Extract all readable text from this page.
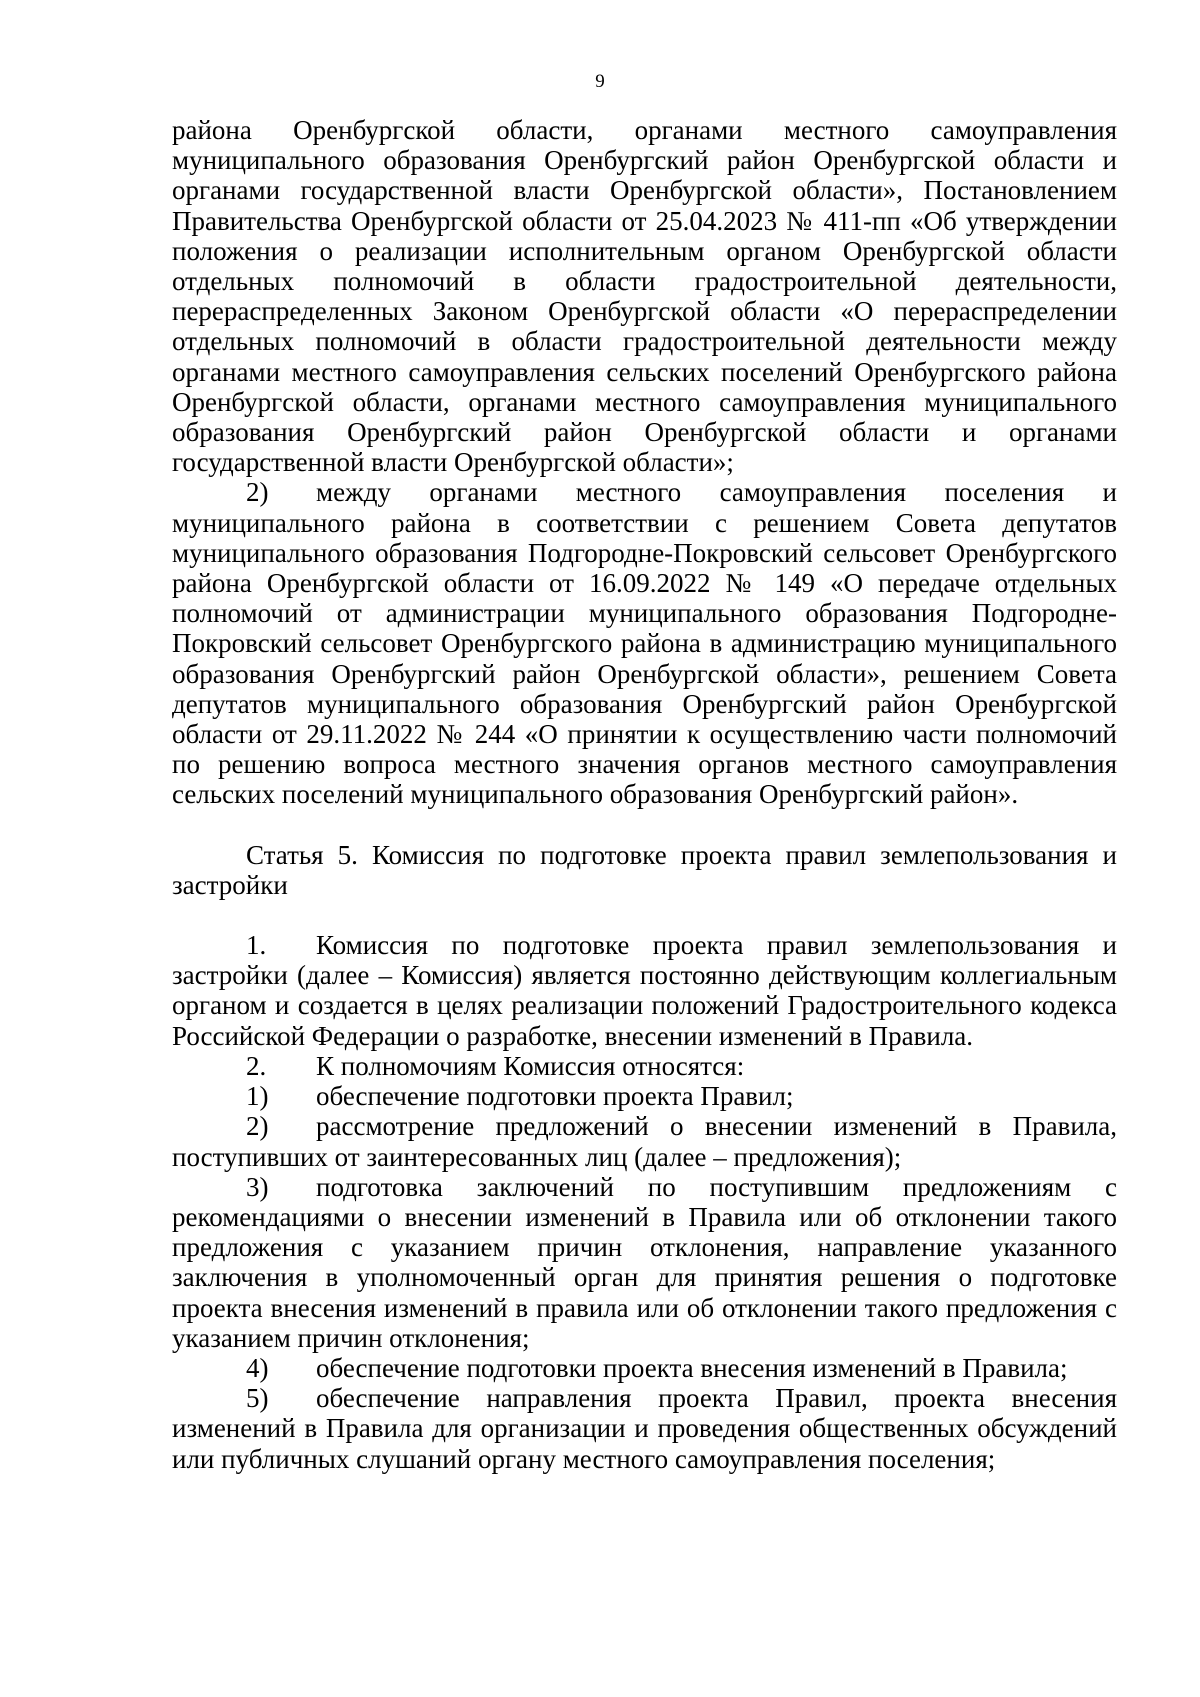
9

района Оренбургской области, органами местного самоуправления муниципального образования Оренбургский район Оренбургской области и органами государственной власти Оренбургской области», Постановлением Правительства Оренбургской области от 25.04.2023 № 411-пп «Об утверждении положения о реализации исполнительным органом Оренбургской области отдельных полномочий в области градостроительной деятельности, перераспределенных Законом Оренбургской области «О перераспределении отдельных полномочий в области градостроительной деятельности между органами местного самоуправления сельских поселений Оренбургского района Оренбургской области, органами местного самоуправления муниципального образования Оренбургский район Оренбургской области и органами государственной власти Оренбургской области»;

2) между органами местного самоуправления поселения и муниципального района в соответствии с решением Совета депутатов муниципального образования Подгородне-Покровский сельсовет Оренбургского района Оренбургской области от 16.09.2022 № 149 «О передаче отдельных полномочий от администрации муниципального образования Подгородне-Покровский сельсовет Оренбургского района в администрацию муниципального образования Оренбургский район Оренбургской области», решением Совета депутатов муниципального образования Оренбургский район Оренбургской области от 29.11.2022 № 244 «О принятии к осуществлению части полномочий по решению вопроса местного значения органов местного самоуправления сельских поселений муниципального образования Оренбургский район».

Статья 5. Комиссия по подготовке проекта правил землепользования и застройки

1. Комиссия по подготовке проекта правил землепользования и застройки (далее – Комиссия) является постоянно действующим коллегиальным органом и создается в целях реализации положений Градостроительного кодекса Российской Федерации о разработке, внесении изменений в Правила.

2. К полномочиям Комиссия относятся:

1) обеспечение подготовки проекта Правил;

2) рассмотрение предложений о внесении изменений в Правила, поступивших от заинтересованных лиц (далее – предложения);

3) подготовка заключений по поступившим предложениям с рекомендациями о внесении изменений в Правила или об отклонении такого предложения с указанием причин отклонения, направление указанного заключения в уполномоченный орган для принятия решения о подготовке проекта внесения изменений в правила или об отклонении такого предложения с указанием причин отклонения;

4) обеспечение подготовки проекта внесения изменений в Правила;

5) обеспечение направления проекта Правил, проекта внесения изменений в Правила для организации и проведения общественных обсуждений или публичных слушаний органу местного самоуправления поселения;
